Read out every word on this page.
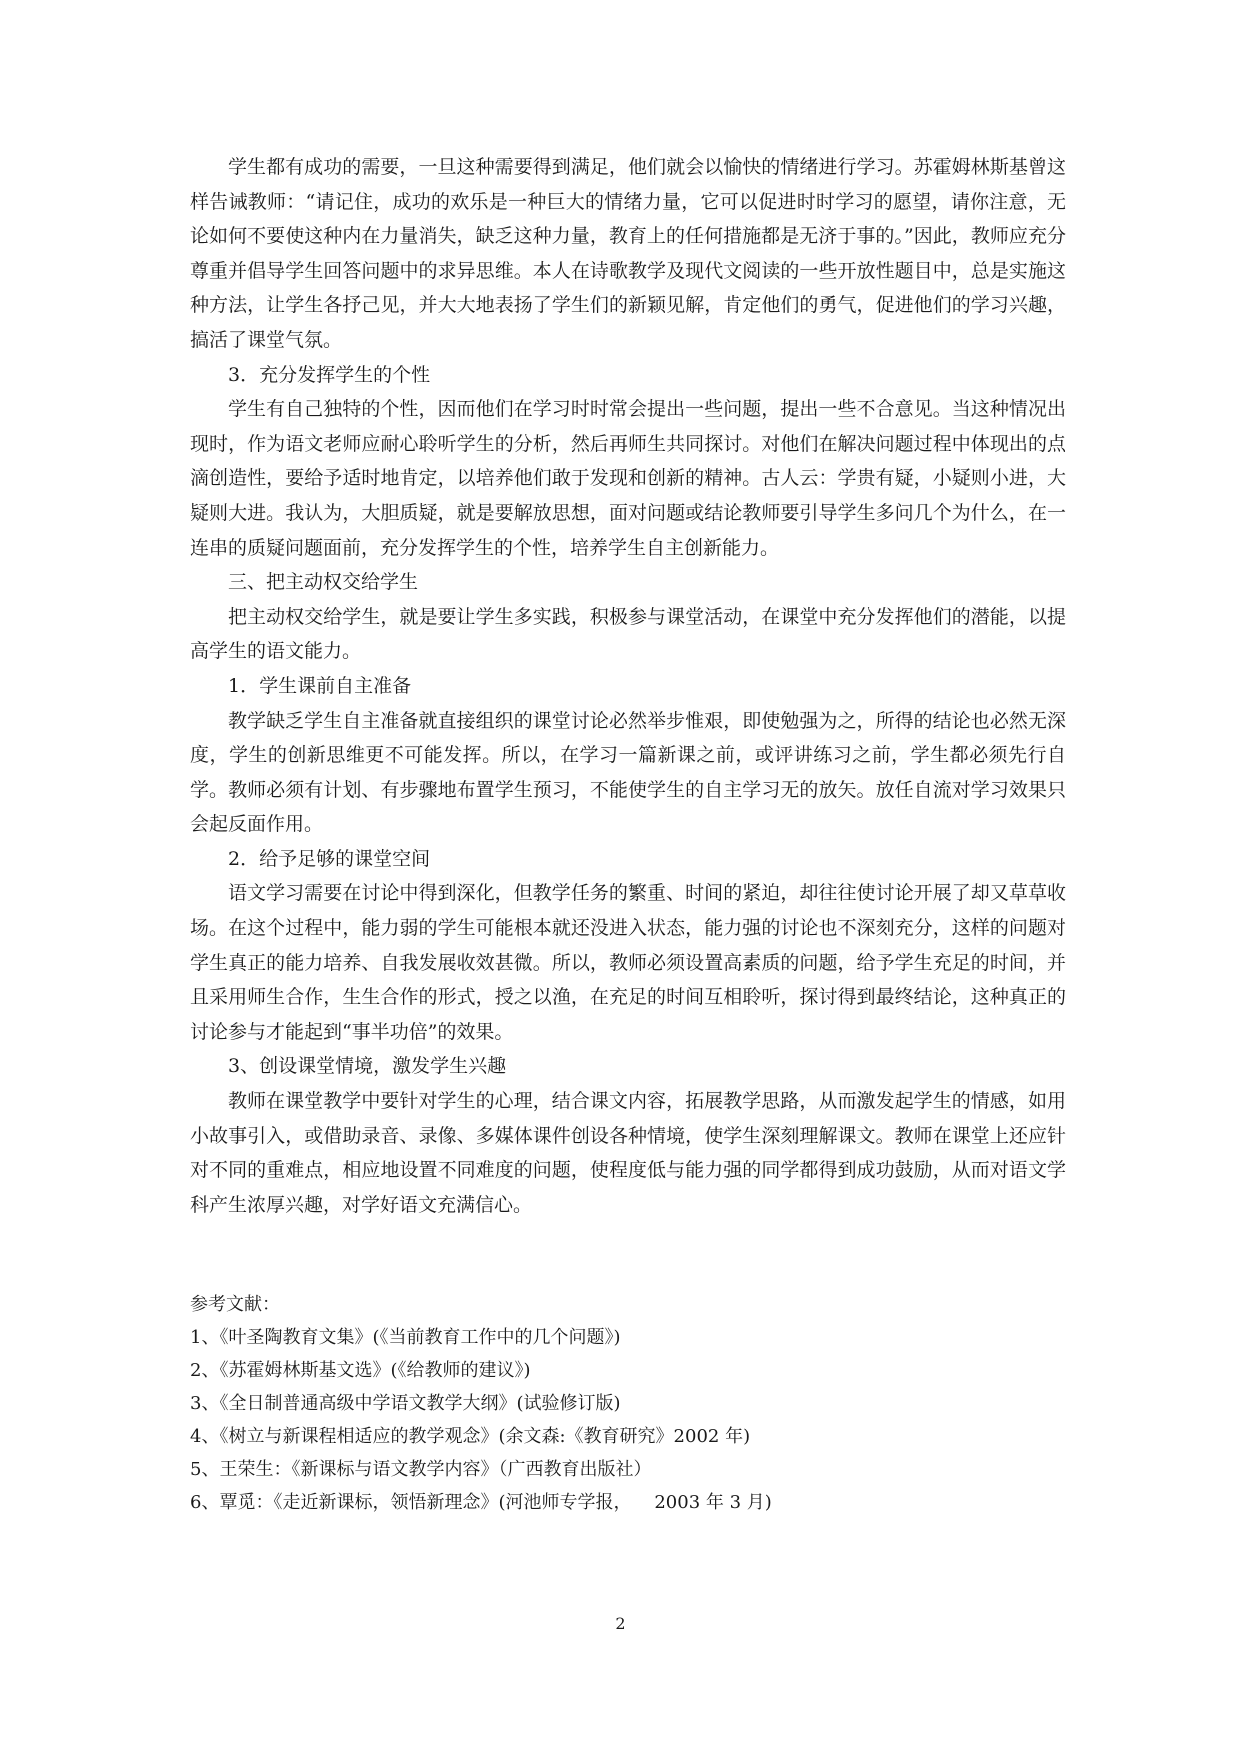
学生都有成功的需要，一旦这种需要得到满足，他们就会以愉快的情绪进行学习。苏霍姆林斯基曾这样告诫教师：“请记住，成功的欢乐是一种巨大的情绪力量，它可以促进时时学习的愿望，请你注意，无论如何不要使这种内在力量消失，缺乏这种力量，教育上的任何措施都是无济于事的。”因此，教师应充分尊重并倡导学生回答问题中的求异思维。本人在诗歌教学及现代文阅读的一些开放性题目中，总是实施这种方法，让学生各抒己见，并大大地表扬了学生们的新颖见解，肯定他们的勇气，促进他们的学习兴趣，搞活了课堂气氛。

3．充分发挥学生的个性

学生有自己独特的个性，因而他们在学习时时常会提出一些问题，提出一些不合意见。当这种情况出现时，作为语文老师应耐心聆听学生的分析，然后再师生共同探讨。对他们在解决问题过程中体现出的点滴创造性，要给予适时地肯定，以培养他们敢于发现和创新的精神。古人云：学贵有疑，小疑则小进，大疑则大进。我认为，大胆质疑，就是要解放思想，面对问题或结论教师要引导学生多问几个为什么，在一连串的质疑问题面前，充分发挥学生的个性，培养学生自主创新能力。

三、把主动权交给学生

把主动权交给学生，就是要让学生多实践，积极参与课堂活动，在课堂中充分发挥他们的潜能，以提高学生的语文能力。

1．学生课前自主准备

教学缺乏学生自主准备就直接组织的课堂讨论必然举步惟艰，即使勉强为之，所得的结论也必然无深度，学生的创新思维更不可能发挥。所以，在学习一篇新课之前，或评讲练习之前，学生都必须先行自学。教师必须有计划、有步骤地布置学生预习，不能使学生的自主学习无的放矢。放任自流对学习效果只会起反面作用。

2．给予足够的课堂空间

语文学习需要在讨论中得到深化，但教学任务的繁重、时间的紧迫，却往往使讨论开展了却又草草收场。在这个过程中，能力弱的学生可能根本就还没进入状态，能力强的讨论也不深刻充分，这样的问题对学生真正的能力培养、自我发展收效甚微。所以，教师必须设置高素质的问题，给予学生充足的时间，并且采用师生合作，生生合作的形式，授之以渔，在充足的时间互相聆听，探讨得到最终结论，这种真正的讨论参与才能起到“事半功倍”的效果。

3、创设课堂情境，激发学生兴趣

教师在课堂教学中要针对学生的心理，结合课文内容，拓展教学思路，从而激发起学生的情感，如用小故事引入，或借助录音、录像、多媒体课件创设各种情境，使学生深刻理解课文。教师在课堂上还应针对不同的重难点，相应地设置不同难度的问题，使程度低与能力强的同学都得到成功鼓励，从而对语文学科产生浓厚兴趣，对学好语文充满信心。

参考文献：

1、《叶圣陶教育文集》(《当前教育工作中的几个问题》)

2、《苏霍姆林斯基文选》(《给教师的建议》)

3、《全日制普通高级中学语文教学大纲》(试验修订版)

4、《树立与新课程相适应的教学观念》(余文森:《教育研究》2002 年)

5、王荣生：《新课标与语文教学内容》（广西教育出版社）

6、覃觅：《走近新课标，领悟新理念》(河池师专学报，    2003 年 3 月)

2
